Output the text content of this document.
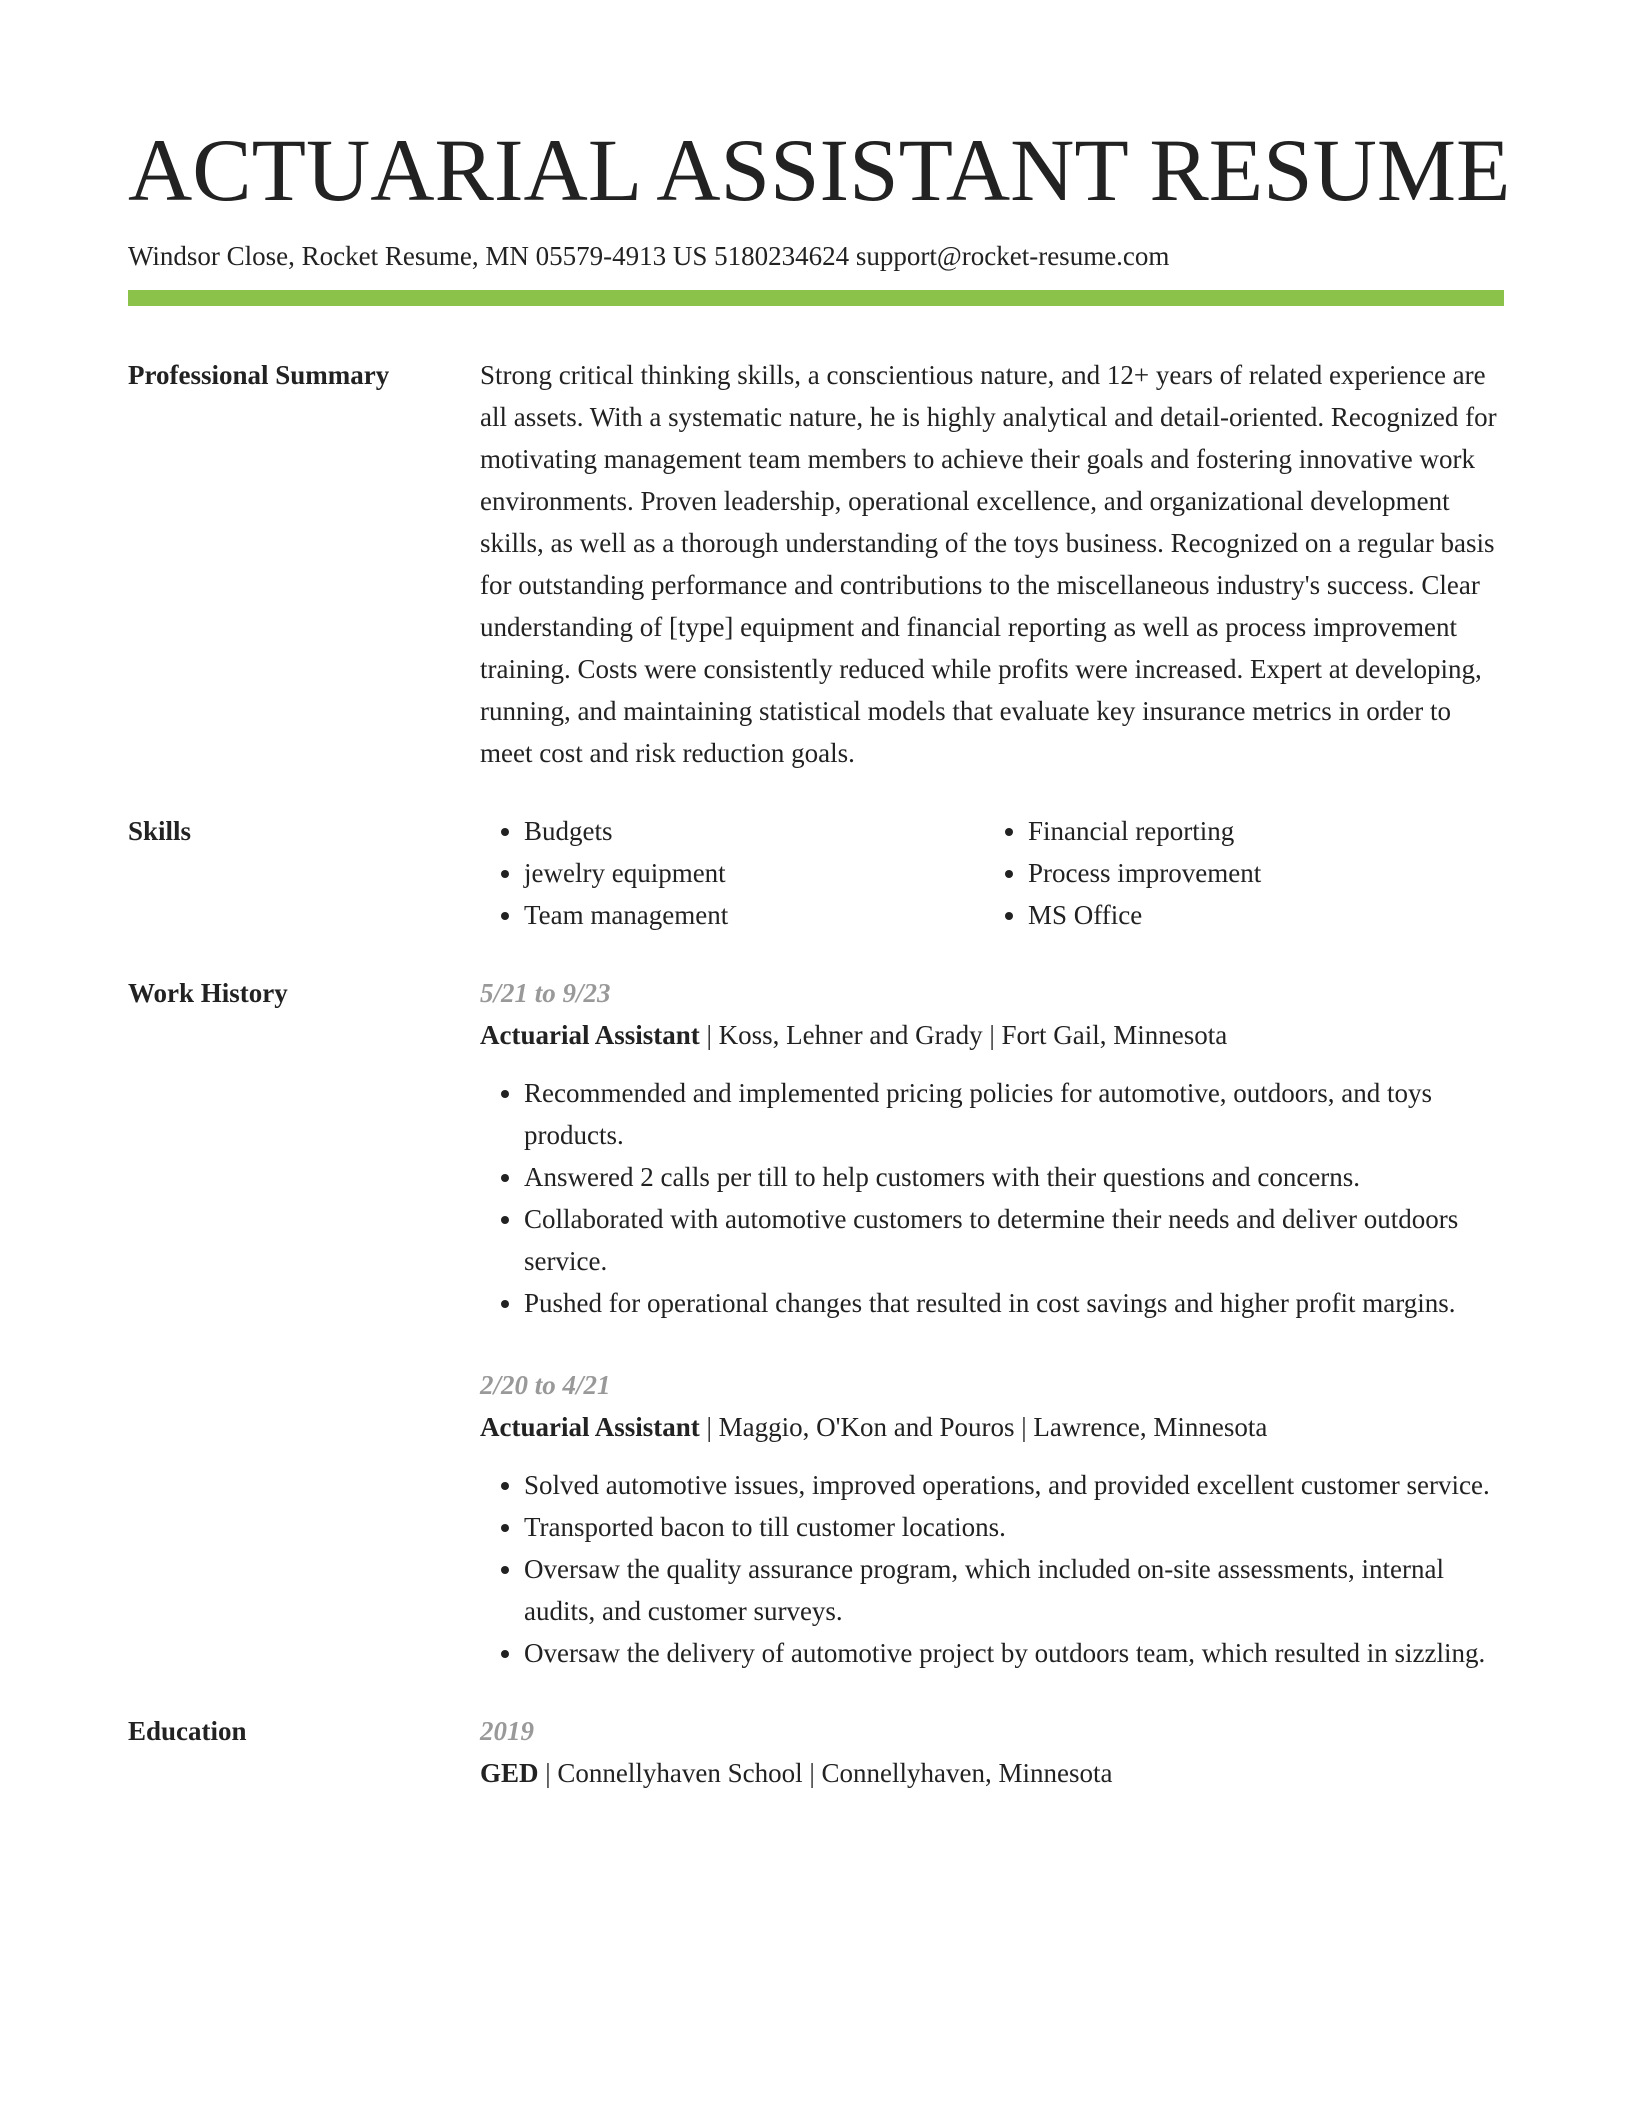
ACTUARIAL ASSISTANT RESUME
Windsor Close, Rocket Resume, MN 05579-4913 US 5180234624 support@rocket-resume.com
Professional Summary	Strong critical thinking skills, a conscientious nature, and 12+ years of related experience are all assets. With a systematic nature, he is highly analytical and detail-oriented. Recognized for motivating management team members to achieve their goals and fostering innovative work environments. Proven leadership, operational excellence, and organizational development skills, as well as a thorough understanding of the toys business. Recognized on a regular basis for outstanding performance and contributions to the miscellaneous industry's success. Clear understanding of [type] equipment and financial reporting as well as process improvement training. Costs were consistently reduced while profits were increased. Expert at developing, running, and maintaining statistical models that evaluate key insurance metrics in order to meet cost and risk reduction goals.

Skills
•	Budgets
• jewelry equipment
• Team management
• Financial reporting
• Process improvement
• MS Office
Work History	5/21 to 9/23
Actuarial Assistant | Koss, Lehner and Grady | Fort Gail, Minnesota
• Recommended and implemented pricing policies for automotive, outdoors, and toys products.
• Answered 2 calls per till to help customers with their questions and concerns.
• Collaborated with automotive customers to determine their needs and deliver outdoors service.
• Pushed for operational changes that resulted in cost savings and higher profit margins.
2/20 to 4/21
Actuarial Assistant | Maggio, O'Kon and Pouros | Lawrence, Minnesota
• Solved automotive issues, improved operations, and provided excellent customer service.
• Transported bacon to till customer locations.
• Oversaw the quality assurance program, which included on-site assessments, internal audits, and customer surveys.
• Oversaw the delivery of automotive project by outdoors team, which resulted in sizzling.
Education	2019
GED | Connellyhaven School | Connellyhaven, Minnesota
